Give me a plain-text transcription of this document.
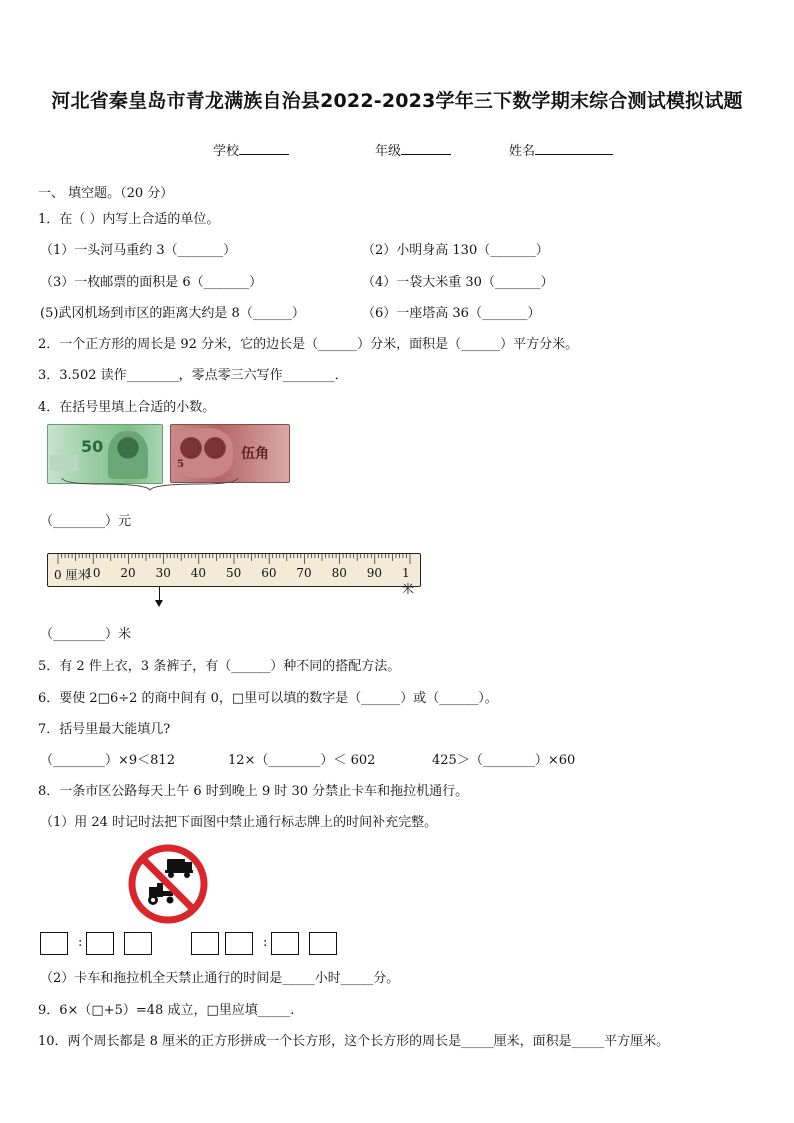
河北省秦皇岛市青龙满族自治县2022-2023学年三下数学期末综合测试模拟试题
学校	年级	姓名
一、 填空题。（20 分）
1．在（ ）内写上合适的单位。
（1）一头河马重约 3（_______）	（2）小明身高 130（_______）
（3）一枚邮票的面积是 6（_______）	（4）一袋大米重 30（_______）
(5)武冈机场到市区的距离大约是 8（______）	（6）一座塔高 36（_______）
2．一个正方形的周长是 92 分米，它的边长是（______）分米，面积是（______）平方分米。
3．3.502 读作________，零点零三六写作________．
4．在括号里填上合适的小数。
50
5
伍角
（________）元
0 厘米
10 20 30 40 50 60 70 80 90 1米
（________）米
5．有 2 件上衣，3 条裤子，有（______）种不同的搭配方法。
6．要使 2□6÷2 的商中间有 0，□里可以填的数字是（______）或（______）。
7．括号里最大能填几?
（________）×9＜812	12×（________）＜ 602	425＞（________）×60
8．一条市区公路每天上午 6 时到晚上 9 时 30 分禁止卡车和拖拉机通行。
（1）用 24 时记时法把下面图中禁止通行标志牌上的时间补充完整。
:	:
（2）卡车和拖拉机全天禁止通行的时间是_____小时_____分。
9．6×（□+5）=48 成立，□里应填_____.
10．两个周长都是 8 厘米的正方形拼成一个长方形，这个长方形的周长是_____厘米，面积是_____平方厘米。
